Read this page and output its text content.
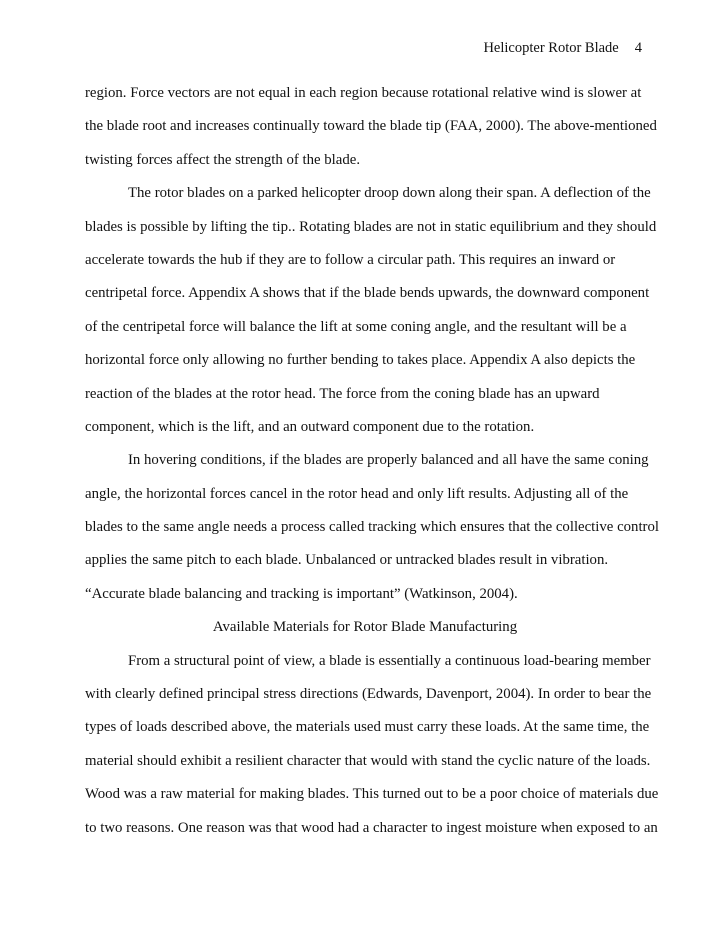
Helicopter Rotor Blade 4
region. Force vectors are not equal in each region because rotational relative wind is slower at
the blade root and increases continually toward the blade tip (FAA, 2000). The above-mentioned
twisting forces affect the strength of the blade.
The rotor blades on a parked helicopter droop down along their span. A deflection of the
blades is possible by lifting the tip.. Rotating blades are not in static equilibrium and they should
accelerate towards the hub if they are to follow a circular path. This requires an inward or
centripetal force. Appendix A shows that if the blade bends upwards, the downward component
of the centripetal force will balance the lift at some coning angle, and the resultant will be a
horizontal force only allowing no further bending to takes place. Appendix A also depicts the
reaction of the blades at the rotor head. The force from the coning blade has an upward
component, which is the lift, and an outward component due to the rotation.
In hovering conditions, if the blades are properly balanced and all have the same coning
angle, the horizontal forces cancel in the rotor head and only lift results. Adjusting all of the
blades to the same angle needs a process called tracking which ensures that the collective control
applies the same pitch to each blade. Unbalanced or untracked blades result in vibration.
“Accurate blade balancing and tracking is important” (Watkinson, 2004).
Available Materials for Rotor Blade Manufacturing
From a structural point of view, a blade is essentially a continuous load-bearing member
with clearly defined principal stress directions (Edwards, Davenport, 2004). In order to bear the
types of loads described above, the materials used must carry these loads. At the same time, the
material should exhibit a resilient character that would with stand the cyclic nature of the loads.
Wood was a raw material for making blades. This turned out to be a poor choice of materials due
to two reasons. One reason was that wood had a character to ingest moisture when exposed to an
